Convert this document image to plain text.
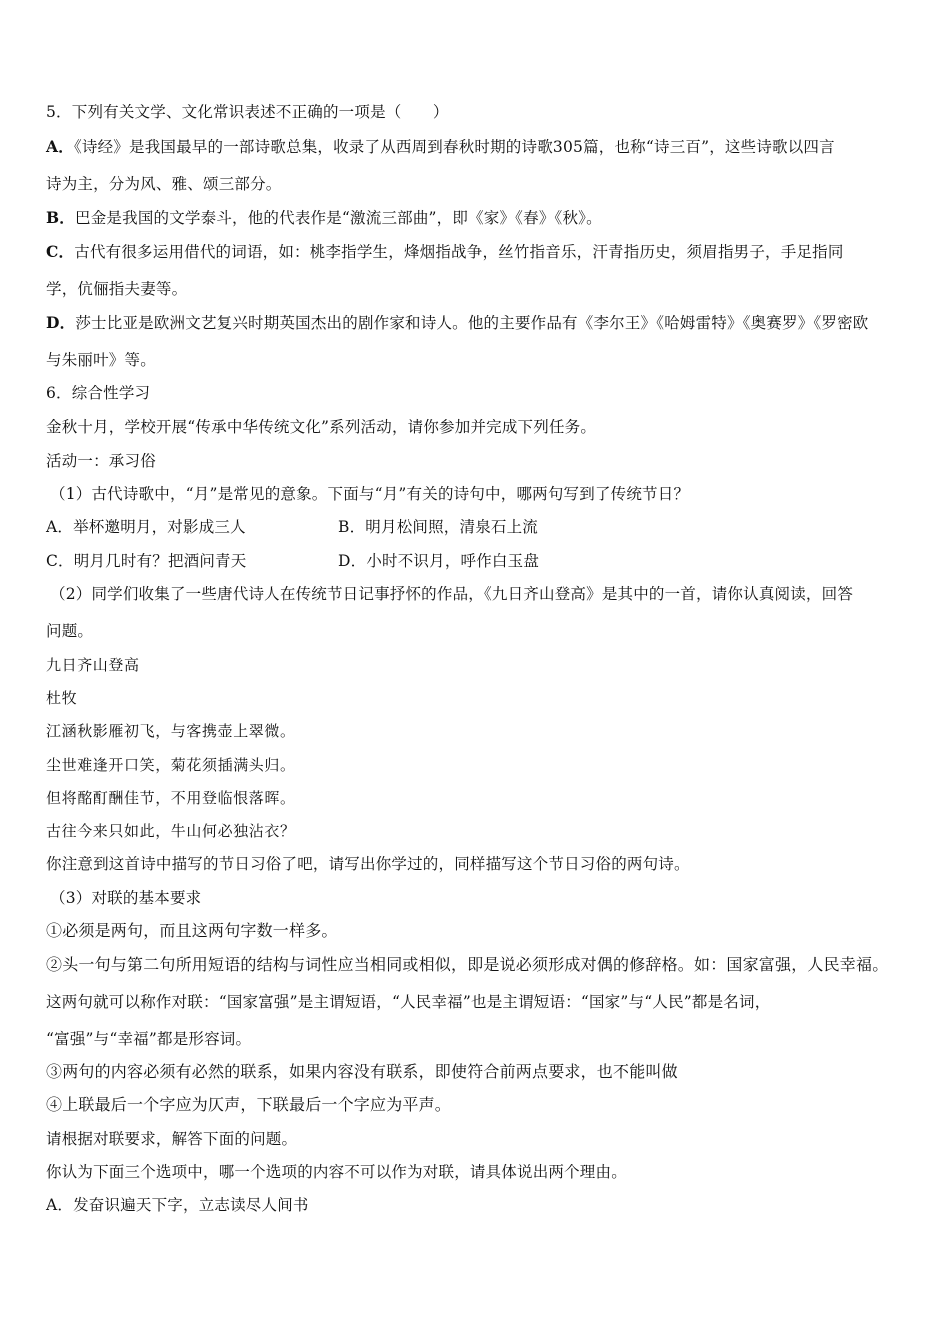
5．下列有关文学、文化常识表述不正确的一项是（　　）
A．《诗经》是我国最早的一部诗歌总集，收录了从西周到春秋时期的诗歌305篇，也称“诗三百”，这些诗歌以四言
诗为主，分为风、雅、颂三部分。
B．巴金是我国的文学泰斗，他的代表作是“激流三部曲”，即《家》《春》《秋》。
C．古代有很多运用借代的词语，如：桃李指学生，烽烟指战争，丝竹指音乐，汗青指历史，须眉指男子，手足指同
学，伉俪指夫妻等。
D．莎士比亚是欧洲文艺复兴时期英国杰出的剧作家和诗人。他的主要作品有《李尔王》《哈姆雷特》《奥赛罗》《罗密欧
与朱丽叶》等。
6．综合性学习
金秋十月，学校开展“传承中华传统文化”系列活动，请你参加并完成下列任务。
活动一：承习俗
（1）古代诗歌中，“月”是常见的意象。下面与“月”有关的诗句中，哪两句写到了传统节日？
A．举杯邀明月，对影成三人	B．明月松间照，清泉石上流
C．明月几时有？把酒问青天	D．小时不识月，呼作白玉盘
（2）同学们收集了一些唐代诗人在传统节日记事抒怀的作品，《九日齐山登高》是其中的一首，请你认真阅读，回答
问题。
九日齐山登高
杜牧
江涵秋影雁初飞，与客携壶上翠微。
尘世难逢开口笑，菊花须插满头归。
但将酩酊酬佳节，不用登临恨落晖。
古往今来只如此，牛山何必独沾衣？
你注意到这首诗中描写的节日习俗了吧，请写出你学过的，同样描写这个节日习俗的两句诗。
（3）对联的基本要求
①必须是两句，而且这两句字数一样多。
②头一句与第二句所用短语的结构与词性应当相同或相似，即是说必须形成对偶的修辞格。如：国家富强，人民幸福。
这两句就可以称作对联：“国家富强”是主谓短语，“人民幸福”也是主谓短语：“国家”与“人民”都是名词，
“富强”与“幸福”都是形容词。
③两句的内容必须有必然的联系，如果内容没有联系，即使符合前两点要求，也不能叫做
④上联最后一个字应为仄声，下联最后一个字应为平声。
请根据对联要求，解答下面的问题。
你认为下面三个选项中，哪一个选项的内容不可以作为对联，请具体说出两个理由。
A．发奋识遍天下字，立志读尽人间书
